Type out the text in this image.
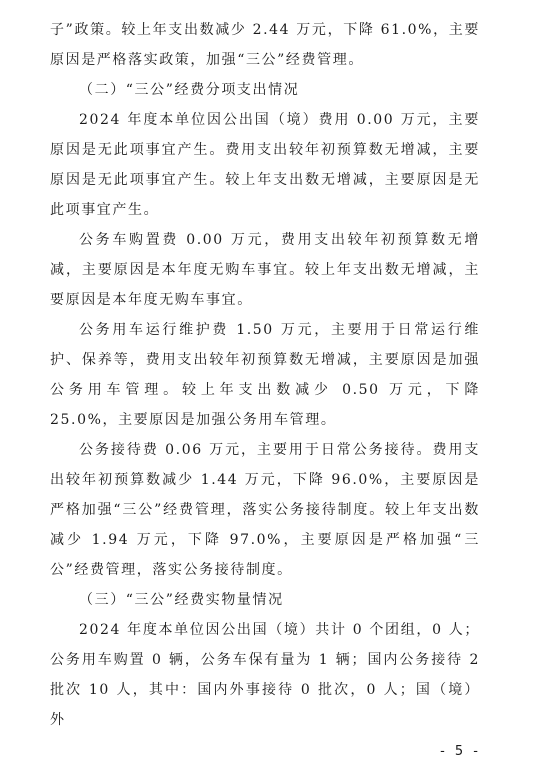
子”政策。较上年支出数减少 2.44 万元，下降 61.0%，主要原因是严格落实政策，加强“三公”经费管理。

（二）“三公”经费分项支出情况

2024 年度本单位因公出国（境）费用 0.00 万元，主要原因是无此项事宜产生。费用支出较年初预算数无增减，主要原因是无此项事宜产生。较上年支出数无增减，主要原因是无此项事宜产生。

公务车购置费 0.00 万元，费用支出较年初预算数无增减，主要原因是本年度无购车事宜。较上年支出数无增减，主要原因是本年度无购车事宜。

公务用车运行维护费 1.50 万元，主要用于日常运行维护、保养等，费用支出较年初预算数无增减，主要原因是加强公务用车管理。较上年支出数减少 0.50 万元，下降 25.0%，主要原因是加强公务用车管理。

公务接待费 0.06 万元，主要用于日常公务接待。费用支出较年初预算数减少 1.44 万元，下降 96.0%，主要原因是严格加强“三公”经费管理，落实公务接待制度。较上年支出数减少 1.94 万元，下降 97.0%，主要原因是严格加强“三公”经费管理，落实公务接待制度。

（三）“三公”经费实物量情况

2024 年度本单位因公出国（境）共计 0 个团组，0 人；公务用车购置 0 辆，公务车保有量为 1 辆；国内公务接待 2 批次 10 人，其中：国内外事接待 0 批次，0 人；国（境）外

- 5 -
